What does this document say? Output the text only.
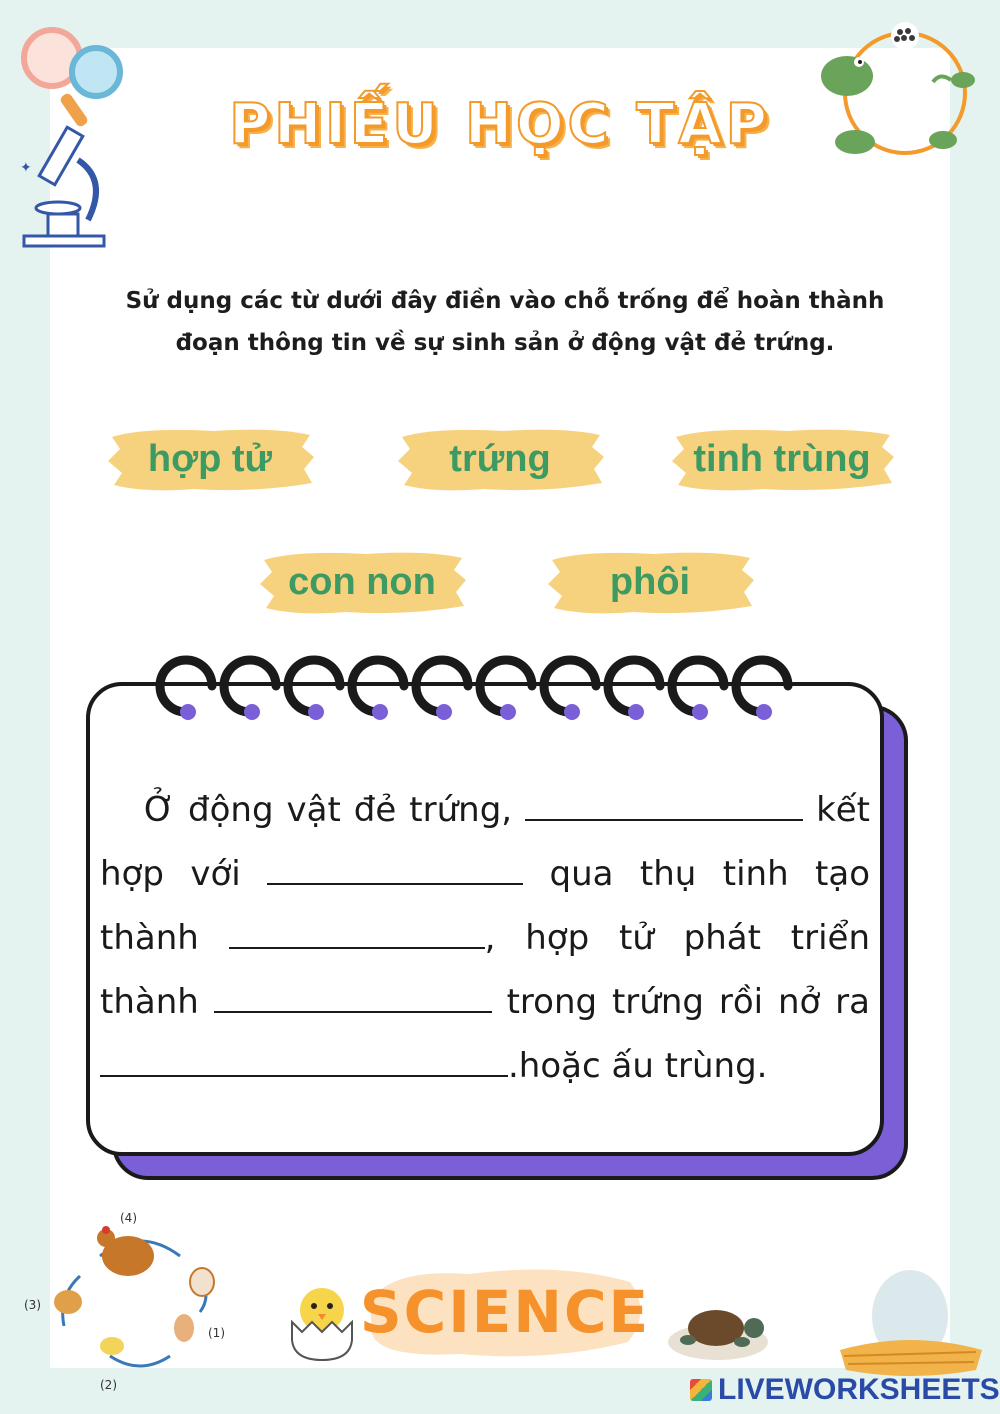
✦
PHIẾU HỌC TẬP
Sử dụng các từ dưới đây điền vào chỗ trống để hoàn thành đoạn thông tin về sự sinh sản ở động vật đẻ trứng.
hợp tử	trứng	tinh trùng
con non	phôi
Ở động vật đẻ trứng,	kết hợp với	qua thụ tinh tạo thành	, hợp tử phát triển thành	trong trứng rồi nở ra .hoặc ấu trùng.
(4)
(3)
(1)
(2)
SCIENCE
LIVEWORKSHEETS
